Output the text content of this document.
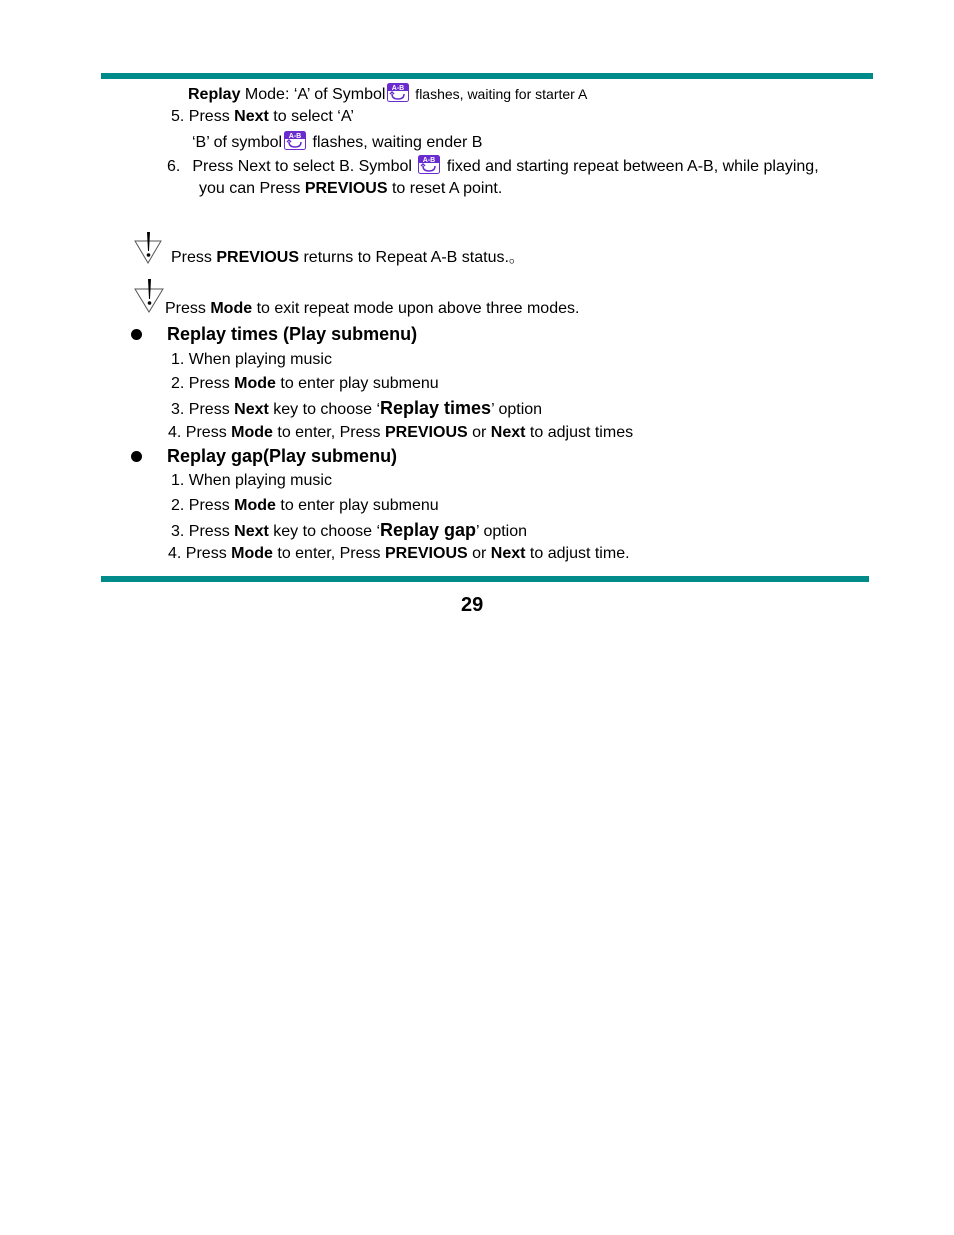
Replay Mode: ‘A’ of Symbol A-B flashes, waiting for starter A
5. Press Next to select ‘A’
‘B’ of symbol A-B flashes, waiting ender B
6. Press Next to select B. Symbol A-B fixed and starting repeat between A-B, while playing,
you can Press PREVIOUS to reset A point.
Press PREVIOUS returns to Repeat A-B status.。
Press Mode to exit repeat mode upon above three modes.
Replay times (Play submenu)
1. When playing music
2. Press Mode to enter play submenu
3. Press Next key to choose ‘Replay times’ option
4. Press Mode to enter, Press PREVIOUS or Next to adjust times
Replay gap(Play submenu)
1. When playing music
2. Press Mode to enter play submenu
3. Press Next key to choose ‘Replay gap’ option
4. Press Mode to enter, Press PREVIOUS or Next to adjust time.
29
